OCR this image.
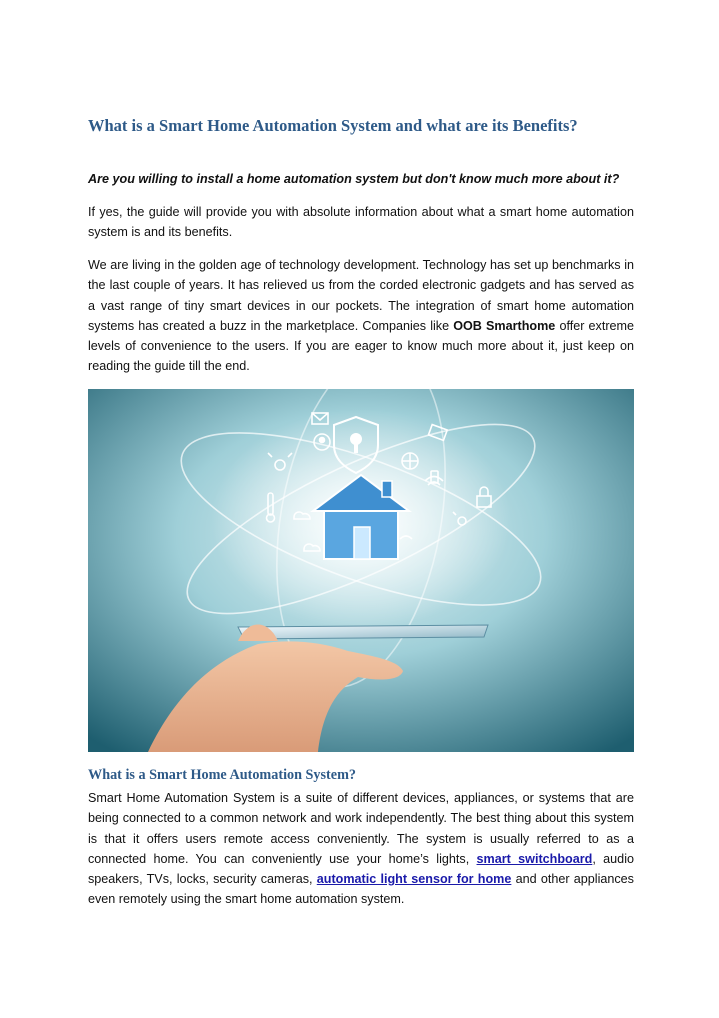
What is a Smart Home Automation System and what are its Benefits?

Are you willing to install a home automation system but don't know much more about it?

If yes, the guide will provide you with absolute information about what a smart home automation system is and its benefits.

We are living in the golden age of technology development. Technology has set up benchmarks in the last couple of years. It has relieved us from the corded electronic gadgets and has served as a vast range of tiny smart devices in our pockets. The integration of smart home automation systems has created a buzz in the marketplace. Companies like OOB Smarthome offer extreme levels of convenience to the users. If you are eager to know much more about it, just keep on reading the guide till the end.

What is a Smart Home Automation System?

Smart Home Automation System is a suite of different devices, appliances, or systems that are being connected to a common network and work independently. The best thing about this system is that it offers users remote access conveniently. The system is usually referred to as a connected home. You can conveniently use your home’s lights, smart switchboard, audio speakers, TVs, locks, security cameras, automatic light sensor for home and other appliances even remotely using the smart home automation system.
